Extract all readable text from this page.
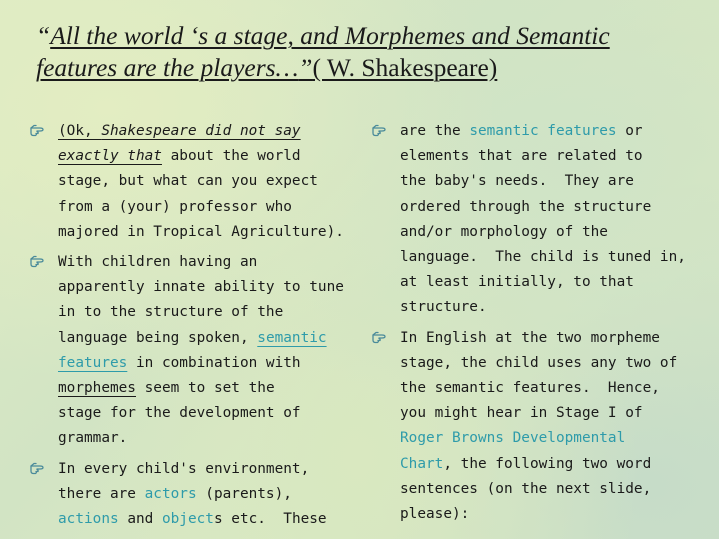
“All the world ‘s a stage, and Morphemes and Semantic
features are the players…”( W. Shakespeare)
(Ok, Shakespeare did not say
exactly that about the world
stage, but what can you expect
from a (your) professor who
majored in Tropical Agriculture).
With children having an
apparently innate ability to tune
in to the structure of the
language being spoken, semantic
features in combination with
morphemes seem to set the
stage for the development of
grammar.
In every child's environment,
there are actors (parents),
actions and objects etc.  These
are the semantic features or
elements that are related to
the baby's needs.  They are
ordered through the structure
and/or morphology of the
language.  The child is tuned in,
at least initially, to that
structure.
In English at the two morpheme
stage, the child uses any two of
the semantic features.  Hence,
you might hear in Stage I of
Roger Browns Developmental
Chart, the following two word
sentences (on the next slide,
please):
